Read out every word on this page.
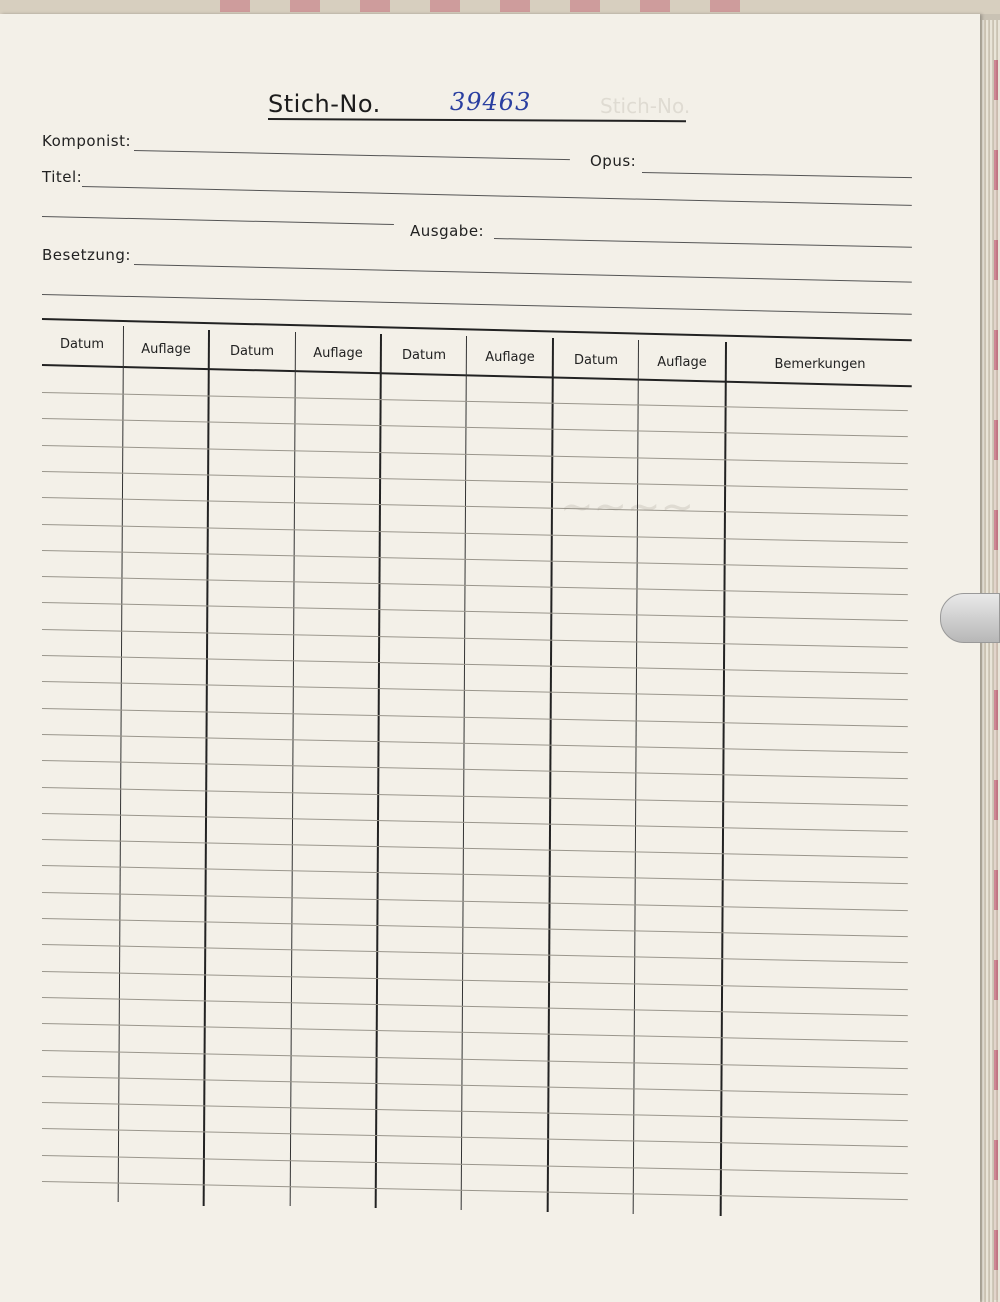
Stich-No.
~~~~
Stich-No.	39463
Komponist:
Opus:
Titel:
Ausgabe:
Besetzung:
Datum	Auflage	Datum	Auflage	Datum	Auflage	Datum	Auflage	Bemerkungen
